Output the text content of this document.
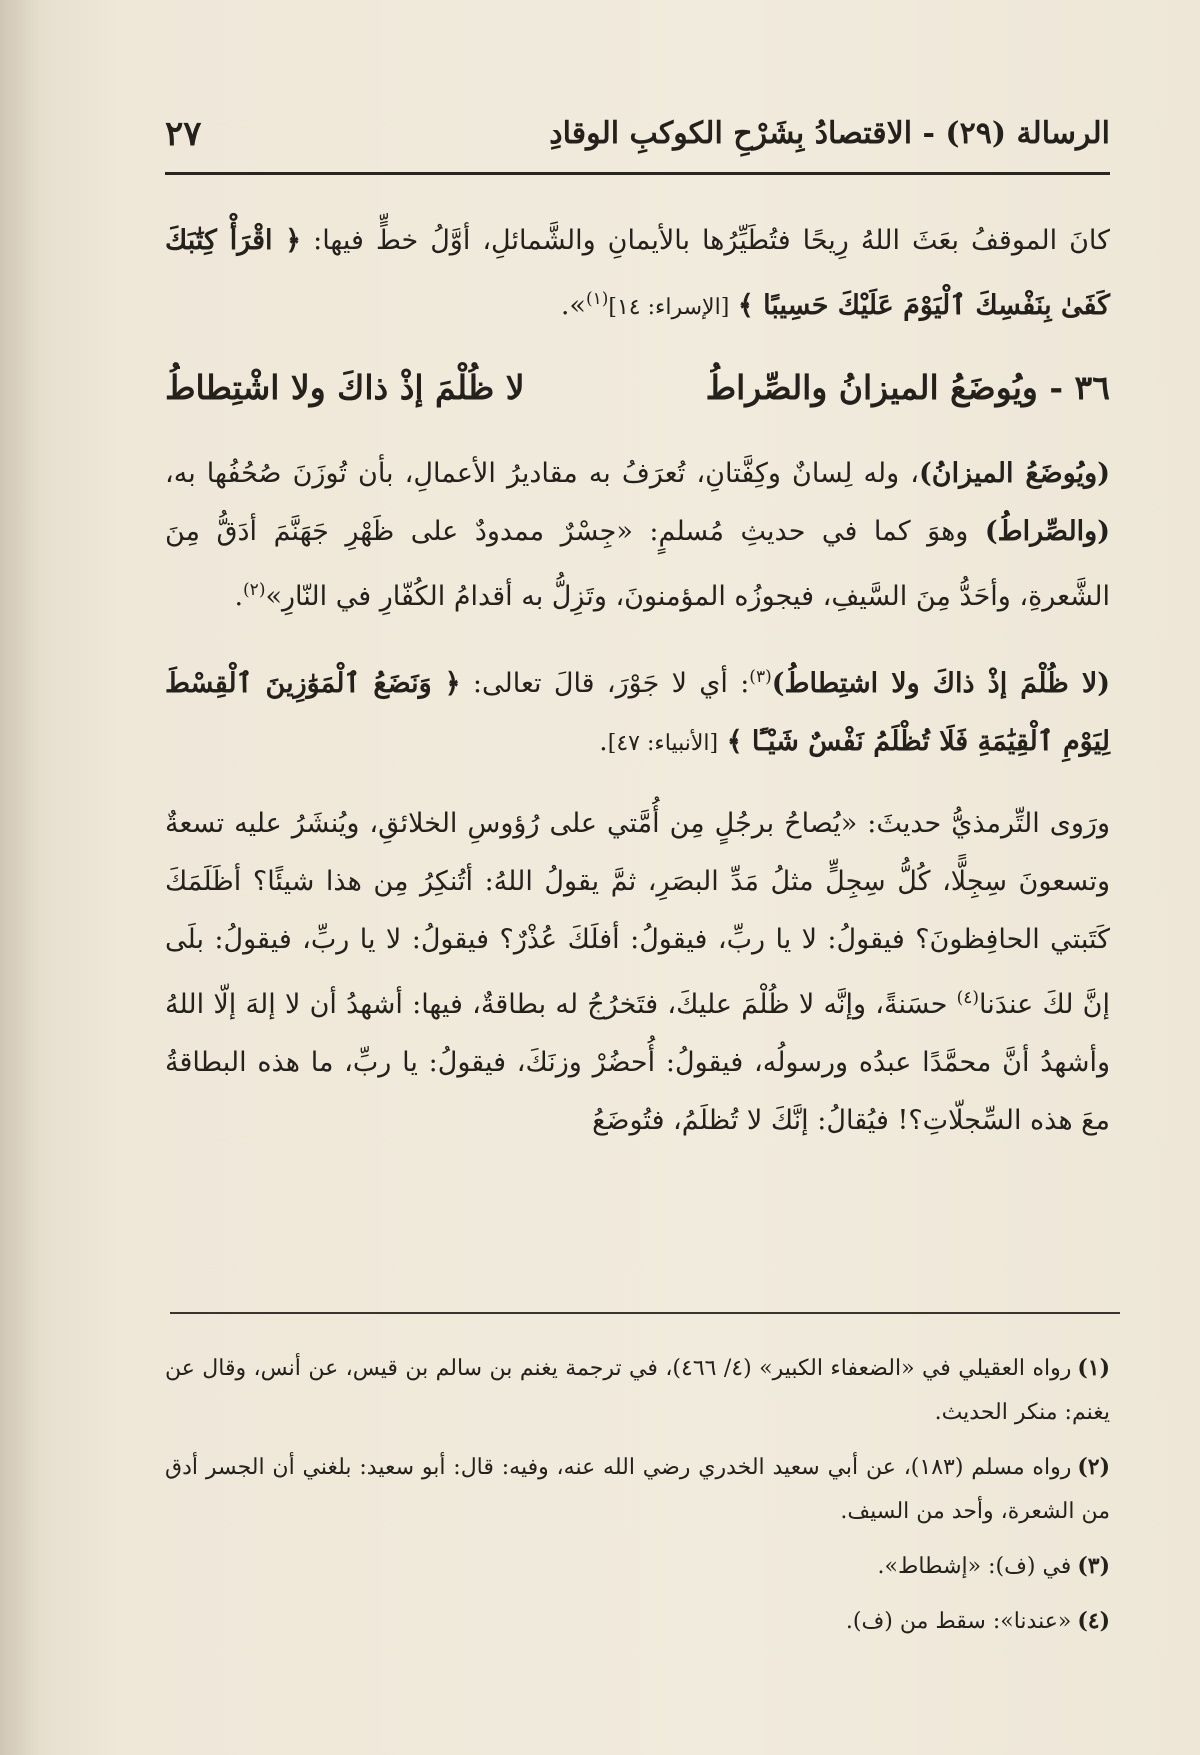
الرسالة (٢٩) - الاقتصادُ بِشَرْحِ الكوكبِ الوقادِ
٢٧

كانَ الموقفُ بعَثَ اللهُ رِيحًا فتُطَيِّرُها بالأيمانِ والشَّمائلِ، أوَّلُ خطٍّ فيها: ﴿ اقْرَأْ كِتَٰبَكَ كَفَىٰ بِنَفْسِكَ ٱلْيَوْمَ عَلَيْكَ حَسِيبًا ﴾ [الإسراء: ١٤]$^{(١)}$».

٣٦ - ويُوضَعُ الميزانُ والصِّراطُ
لا ظُلْمَ إذْ ذاكَ ولا اشْتِطاطُ

(ويُوضَعُ الميزانُ)، وله لِسانٌ وكِفَّتانِ، تُعرَفُ به مقاديرُ الأعمالِ، بأن تُوزَنَ صُحُفُها به، (والصِّراطُ) وهوَ كما في حديثِ مُسلمٍ: «جِسْرٌ ممدودٌ على ظَهْرِ جَهَنَّمَ أدَقُّ مِنَ الشَّعرةِ، وأحَدُّ مِنَ السَّيفِ، فيجوزُه المؤمنونَ، وتَزِلُّ به أقدامُ الكُفّارِ في النّارِ»$^{(٢)}$.

(لا ظُلْمَ إذْ ذاكَ ولا اشتِطاطُ)$^{(٣)}$: أي لا جَوْرَ، قالَ تعالى: ﴿ وَنَضَعُ ٱلْمَوَٰزِينَ ٱلْقِسْطَ لِيَوْمِ ٱلْقِيَٰمَةِ فَلَا تُظْلَمُ نَفْسٌ شَيْـًٔا ﴾ [الأنبياء: ٤٧].

ورَوى التِّرمذيُّ حديثَ: «يُصاحُ برجُلٍ مِن أُمَّتي على رُؤوسِ الخلائقِ، ويُنشَرُ عليه تسعةٌ وتسعونَ سِجِلًّا، كُلُّ سِجِلٍّ مثلُ مَدِّ البصَرِ، ثمَّ يقولُ اللهُ: أتُنكِرُ مِن هذا شيئًا؟ أظَلَمَكَ كَتَبتي الحافِظونَ؟ فيقولُ: لا يا ربِّ، فيقولُ: أفلَكَ عُذْرٌ؟ فيقولُ: لا يا ربِّ، فيقولُ: بلَى إنَّ لكَ عندَنا$^{(٤)}$ حسَنةً، وإنَّه لا ظُلْمَ عليكَ، فتَخرُجُ له بطاقةٌ، فيها: أشهدُ أن لا إلهَ إلّا اللهُ وأشهدُ أنَّ محمَّدًا عبدُه ورسولُه، فيقولُ: أُحضُرْ وزنَكَ، فيقولُ: يا ربِّ، ما هذه البطاقةُ معَ هذه السِّجلّاتِ؟! فيُقالُ: إنَّكَ لا تُظلَمُ، فتُوضَعُ

(١)رواه العقيلي في «الضعفاء الكبير» (٤/ ٤٦٦)، في ترجمة يغنم بن سالم بن قيس، عن أنس، وقال عن يغنم: منكر الحديث.
(٢)رواه مسلم (١٨٣)، عن أبي سعيد الخدري رضي الله عنه، وفيه: قال: أبو سعيد: بلغني أن الجسر أدق من الشعرة، وأحد من السيف.
(٣)في (ف): «إشطاط».
(٤)«عندنا»: سقط من (ف).
